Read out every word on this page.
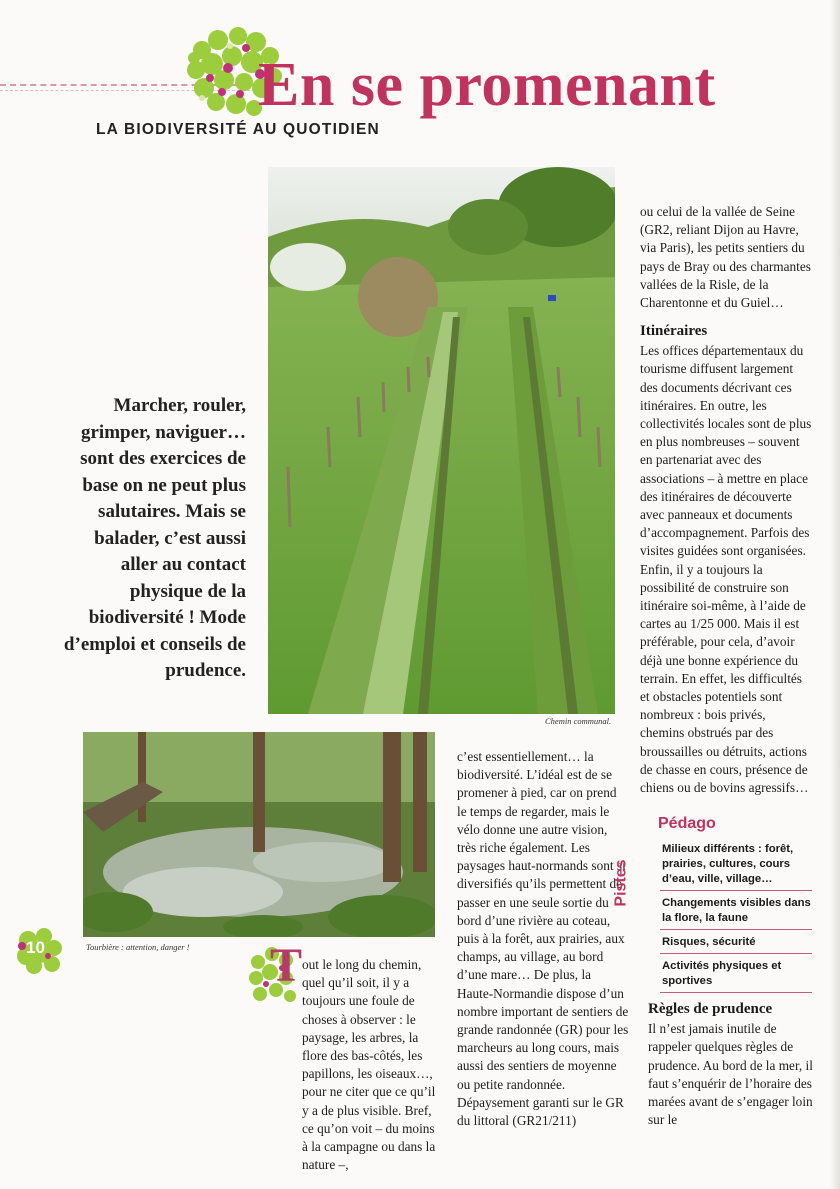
En se promenant
LA BIODIVERSITÉ AU QUOTIDIEN
Chemin communal.
Tourbière : attention, danger !
Marcher, rouler, grimper, naviguer… sont des exercices de base on ne peut plus salutaires. Mais se balader, c’est aussi aller au contact physique de la biodiversité ! Mode d’emploi et conseils de prudence.
ou celui de la vallée de Seine (GR2, reliant Dijon au Havre, via Paris), les petits sentiers du pays de Bray ou des charmantes vallées de la Risle, de la Charentonne et du Guiel…
Itinéraires
Les offices départementaux du tourisme diffusent largement des documents décrivant ces itinéraires. En outre, les collectivités locales sont de plus en plus nombreuses – souvent en partenariat avec des associations – à mettre en place des itinéraires de découverte avec panneaux et documents d’accompagnement. Parfois des visites guidées sont organisées. Enfin, il y a toujours la possibilité de construire son itinéraire soi-même, à l’aide de cartes au 1/25 000. Mais il est préférable, pour cela, d’avoir déjà une bonne expérience du terrain. En effet, les difficultés et obstacles potentiels sont nombreux : bois privés, chemins obstrués par des broussailles ou détruits, actions de chasse en cours, présence de chiens ou de bovins agressifs…
c’est essentiellement… la biodiversité. L’idéal est de se promener à pied, car on prend le temps de regarder, mais le vélo donne une autre vision, très riche également. Les paysages haut-normands sont si diversifiés qu’ils permettent de passer en une seule sortie du bord d’une rivière au coteau, puis à la forêt, aux prairies, aux champs, au village, au bord d’une mare… De plus, la Haute-Normandie dispose d’un nombre important de sentiers de grande randonnée (GR) pour les marcheurs au long cours, mais aussi des sentiers de moyenne ou petite randonnée. Dépaysement garanti sur le GR du littoral (GR21/211)
T out le long du chemin, quel qu’il soit, il y a toujours une foule de choses à observer : le paysage, les arbres, la flore des bas-côtés, les papillons, les oiseaux…, pour ne citer que ce qu’il y a de plus visible. Bref, ce qu’on voit – du moins à la campagne ou dans la nature –,
10
Pédago
Pistes
Milieux différents : forêt, prairies, cultures, cours d’eau, ville, village…
Changements visibles dans la flore, la faune
Risques, sécurité
Activités physiques et sportives
Règles de prudence
Il n’est jamais inutile de rappeler quelques règles de prudence. Au bord de la mer, il faut s’enquérir de l’horaire des marées avant de s’engager loin sur le
